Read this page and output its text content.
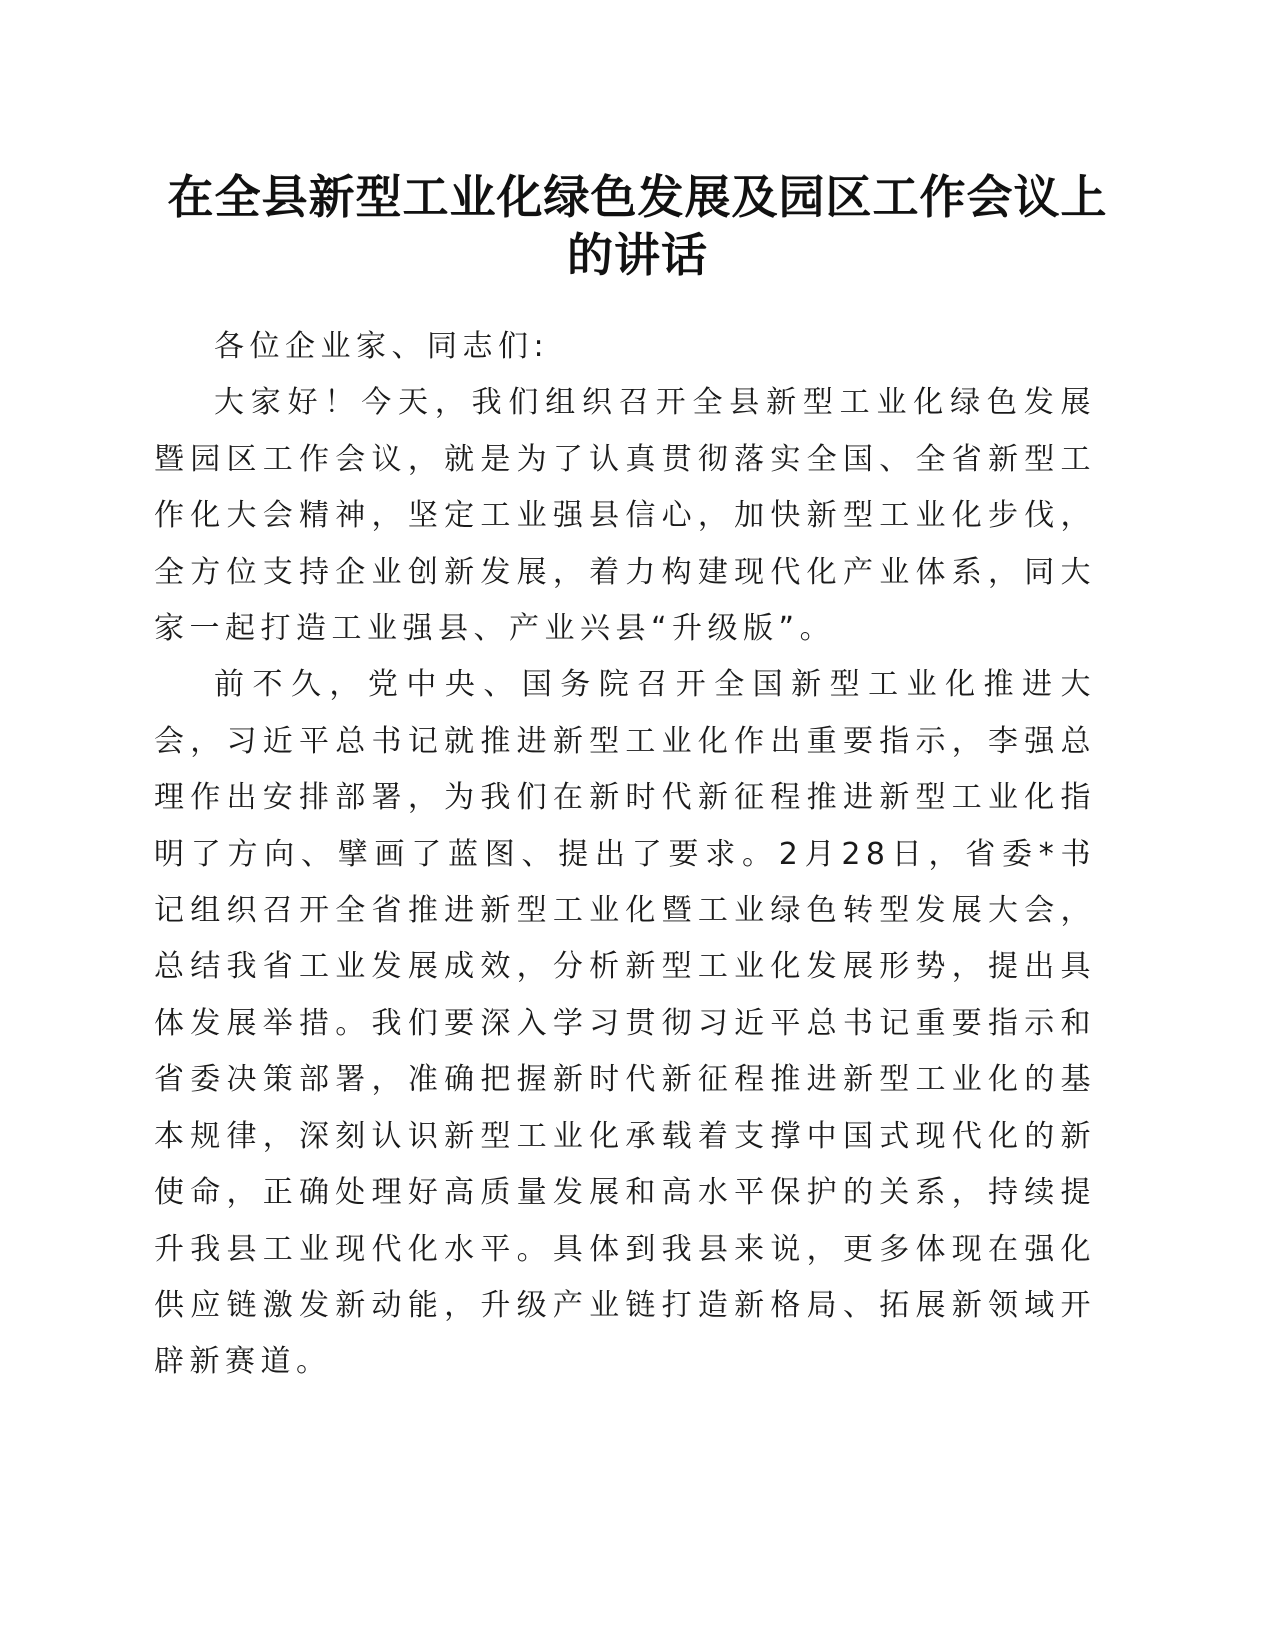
在全县新型工业化绿色发展及园区工作会议上
的讲话

各位企业家、同志们:

大家好！今天，我们组织召开全县新型工业化绿色发展暨园区工作会议，就是为了认真贯彻落实全国、全省新型工作化大会精神，坚定工业强县信心，加快新型工业化步伐，全方位支持企业创新发展，着力构建现代化产业体系，同大家一起打造工业强县、产业兴县“升级版”。

前不久，党中央、国务院召开全国新型工业化推进大会，习近平总书记就推进新型工业化作出重要指示，李强总理作出安排部署，为我们在新时代新征程推进新型工业化指明了方向、擘画了蓝图、提出了要求。2月28日，省委*书记组织召开全省推进新型工业化暨工业绿色转型发展大会，总结我省工业发展成效，分析新型工业化发展形势，提出具体发展举措。我们要深入学习贯彻习近平总书记重要指示和省委决策部署，准确把握新时代新征程推进新型工业化的基本规律，深刻认识新型工业化承载着支撑中国式现代化的新使命，正确处理好高质量发展和高水平保护的关系，持续提升我县工业现代化水平。具体到我县来说，更多体现在强化供应链激发新动能，升级产业链打造新格局、拓展新领域开辟新赛道。
